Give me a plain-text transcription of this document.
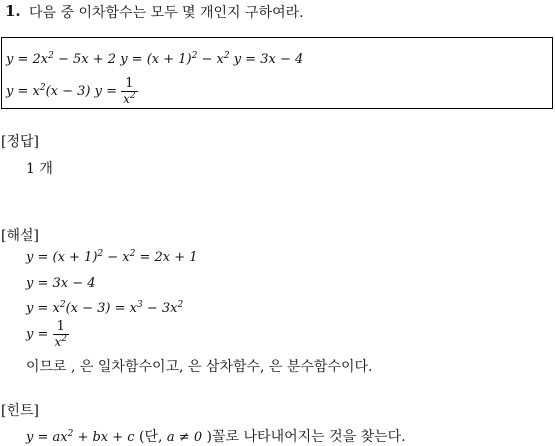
1. 다음 중 이차함수는 모두 몇 개인지 구하여라.
$y = 2x^2 - 5x + 2$ $y = (x + 1)^2 - x^2$ y = 3x − 4
$y = x^2(x - 3) y = \frac{1}{x^2}$
[정답]
1 개
[해설]
$y = (x + 1)^2 - x^2 = 2x + 1$
y = 3x − 4
$y = x^2(x - 3) = x^3 - 3x^2$
$y = \frac{1}{x^2}$
이므로 , 은 일차함수이고, 은 삼차함수, 은 분수함수이다.
[힌트]
$y = ax^2$ + bx + c (단, a ≠ 0 )꼴로 나타내어지는 것을 찾는다.
